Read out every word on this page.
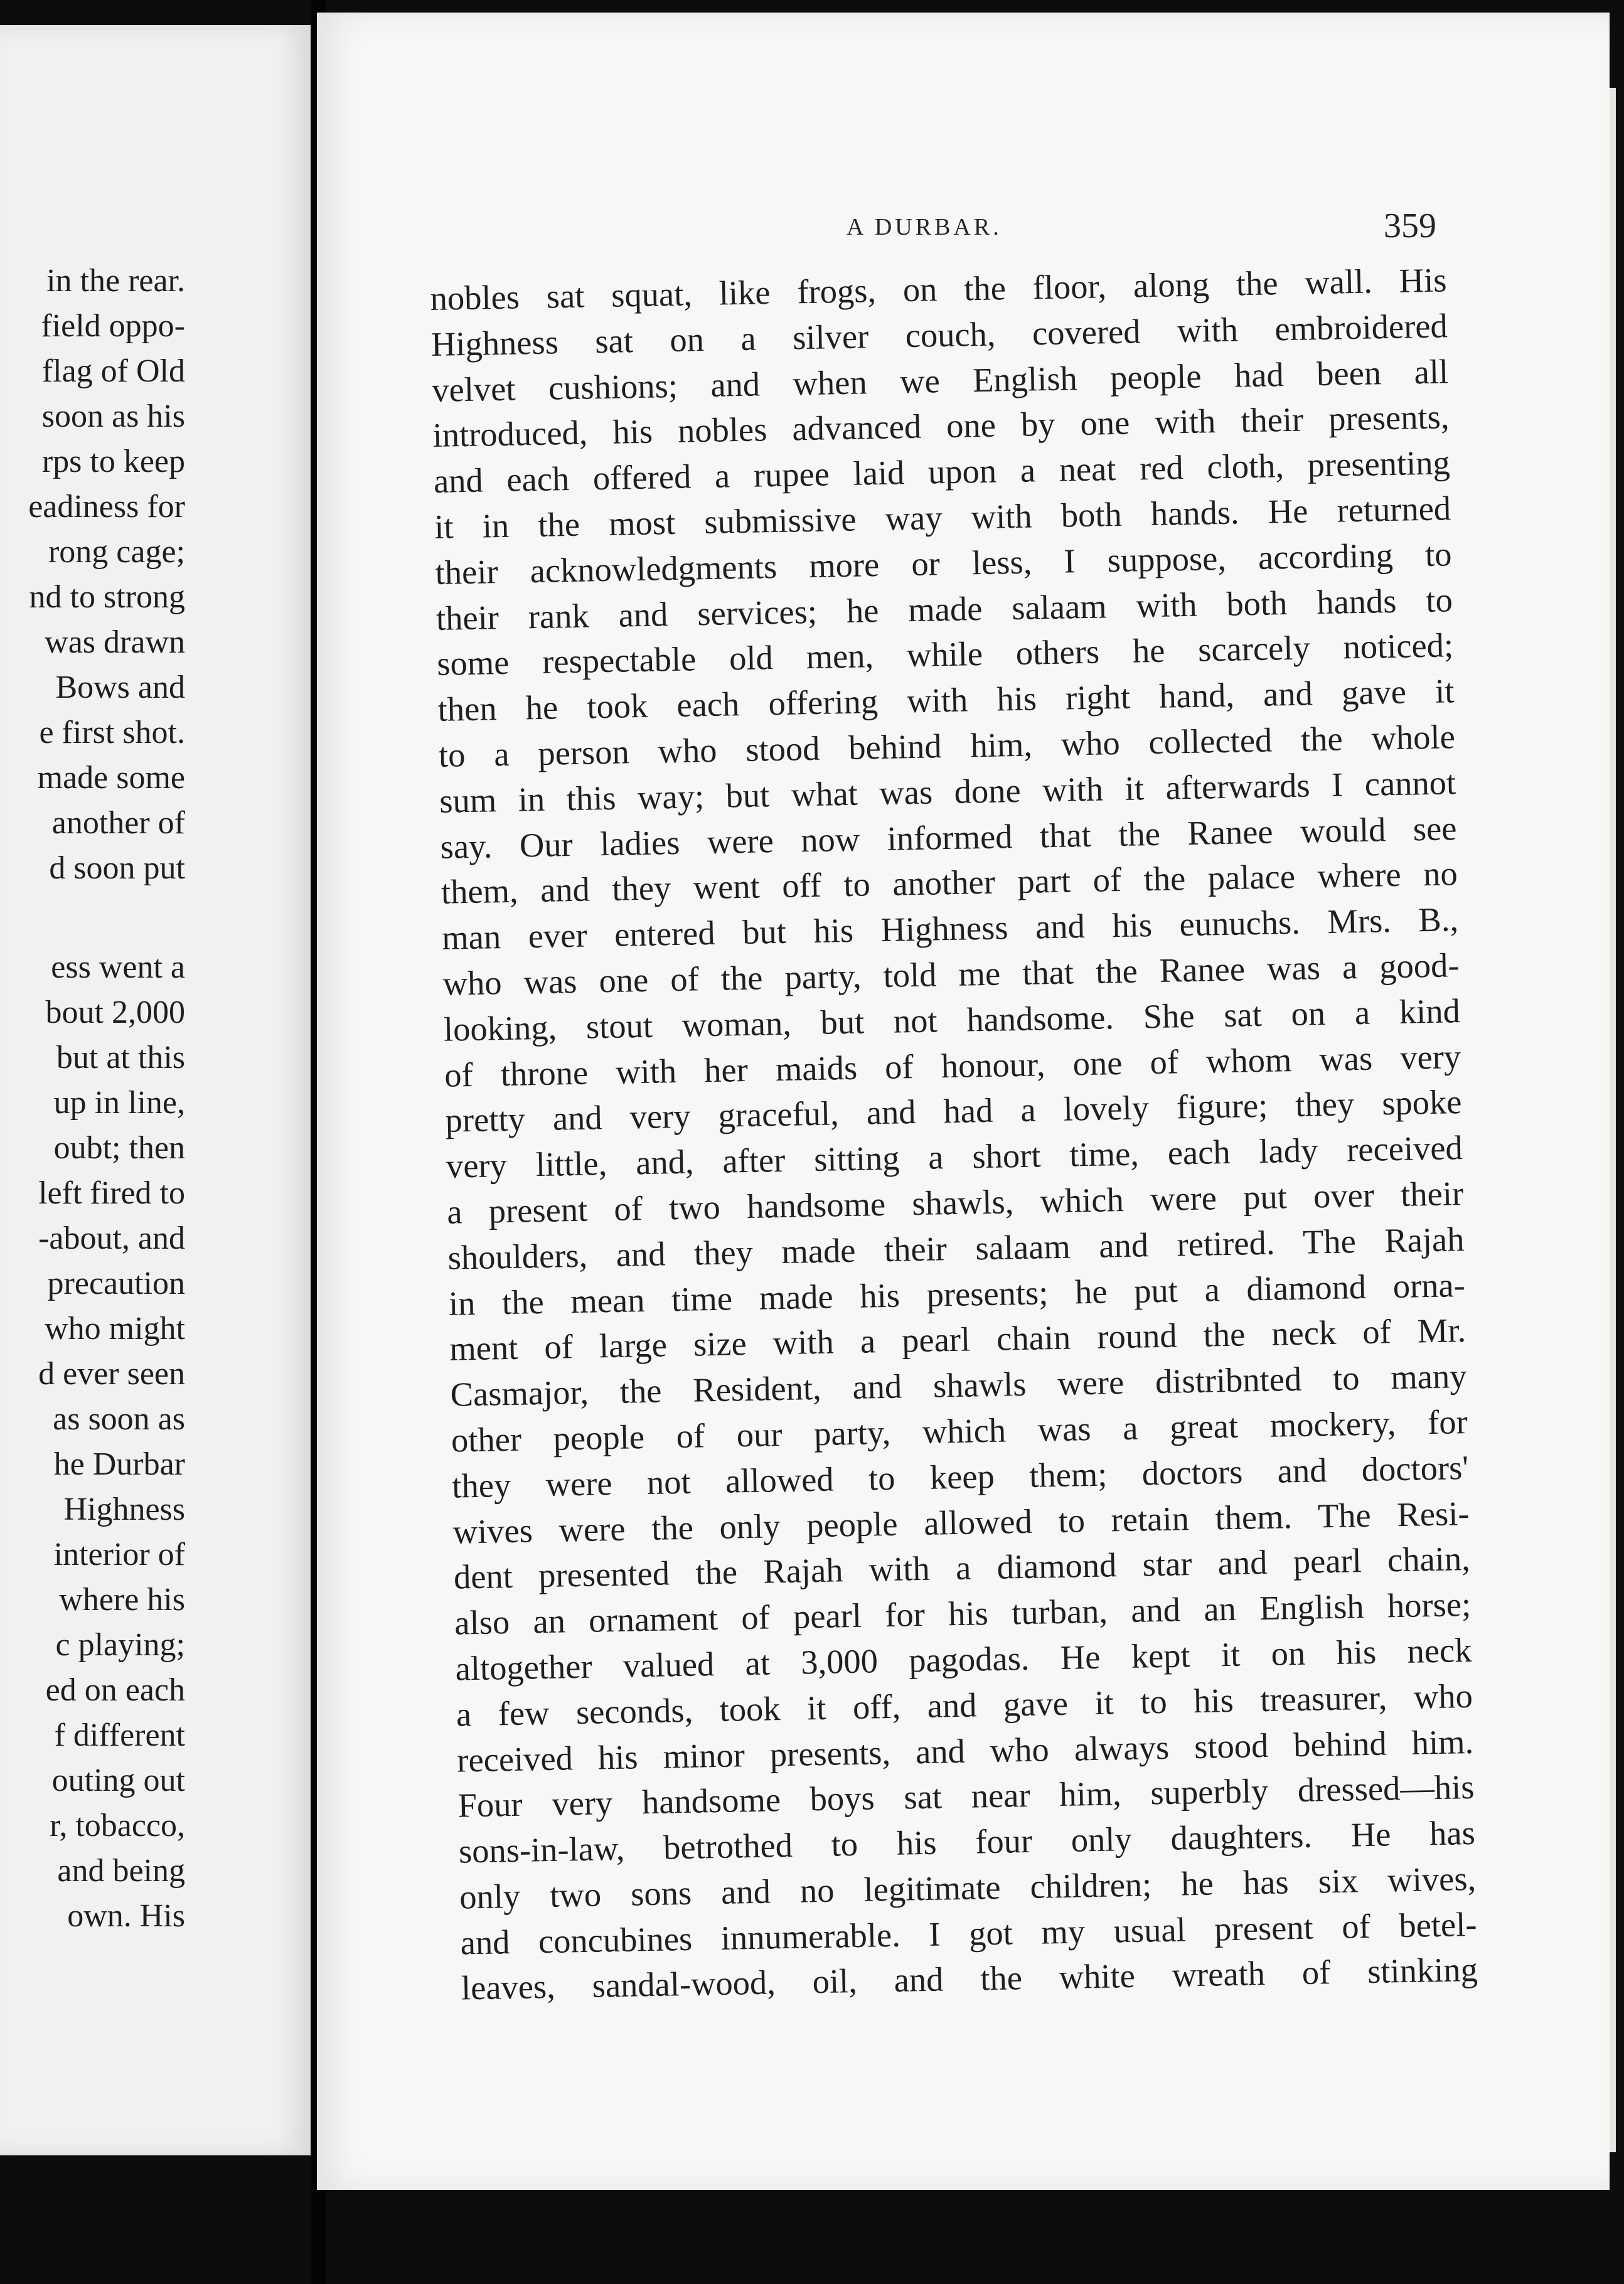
in the rear.
field oppo-
flag of Old
soon as his
rps to keep
eadiness for
rong cage;
nd to strong
was drawn
Bows and
e first shot.
made some
another of
d soon put
ess went a
bout 2,000
but at this
up in line,
oubt; then
left fired to
-about, and
precaution
who might
d ever seen
as soon as
he Durbar
Highness
interior of
where his
c playing;
ed on each
f different
outing out
r, tobacco,
and being
own. His
A DURBAR.	359
nobles sat squat, like frogs, on the floor, along the wall. His
Highness sat on a silver couch, covered with embroidered
velvet cushions; and when we English people had been all
introduced, his nobles advanced one by one with their presents,
and each offered a rupee laid upon a neat red cloth, presenting
it in the most submissive way with both hands. He returned
their acknowledgments more or less, I suppose, according to
their rank and services; he made salaam with both hands to
some respectable old men, while others he scarcely noticed;
then he took each offering with his right hand, and gave it
to a person who stood behind him, who collected the whole
sum in this way; but what was done with it afterwards I cannot
say. Our ladies were now informed that the Ranee would see
them, and they went off to another part of the palace where no
man ever entered but his Highness and his eunuchs. Mrs. B.,
who was one of the party, told me that the Ranee was a good-
looking, stout woman, but not handsome. She sat on a kind
of throne with her maids of honour, one of whom was very
pretty and very graceful, and had a lovely figure; they spoke
very little, and, after sitting a short time, each lady received
a present of two handsome shawls, which were put over their
shoulders, and they made their salaam and retired. The Rajah
in the mean time made his presents; he put a diamond orna-
ment of large size with a pearl chain round the neck of Mr.
Casmajor, the Resident, and shawls were distribnted to many
other people of our party, which was a great mockery, for
they were not allowed to keep them; doctors and doctors'
wives were the only people allowed to retain them. The Resi-
dent presented the Rajah with a diamond star and pearl chain,
also an ornament of pearl for his turban, and an English horse;
altogether valued at 3,000 pagodas. He kept it on his neck
a few seconds, took it off, and gave it to his treasurer, who
received his minor presents, and who always stood behind him.
Four very handsome boys sat near him, superbly dressed—his
sons-in-law, betrothed to his four only daughters. He has
only two sons and no legitimate children; he has six wives,
and concubines innumerable. I got my usual present of betel-
leaves, sandal-wood, oil, and the white wreath of stinking
